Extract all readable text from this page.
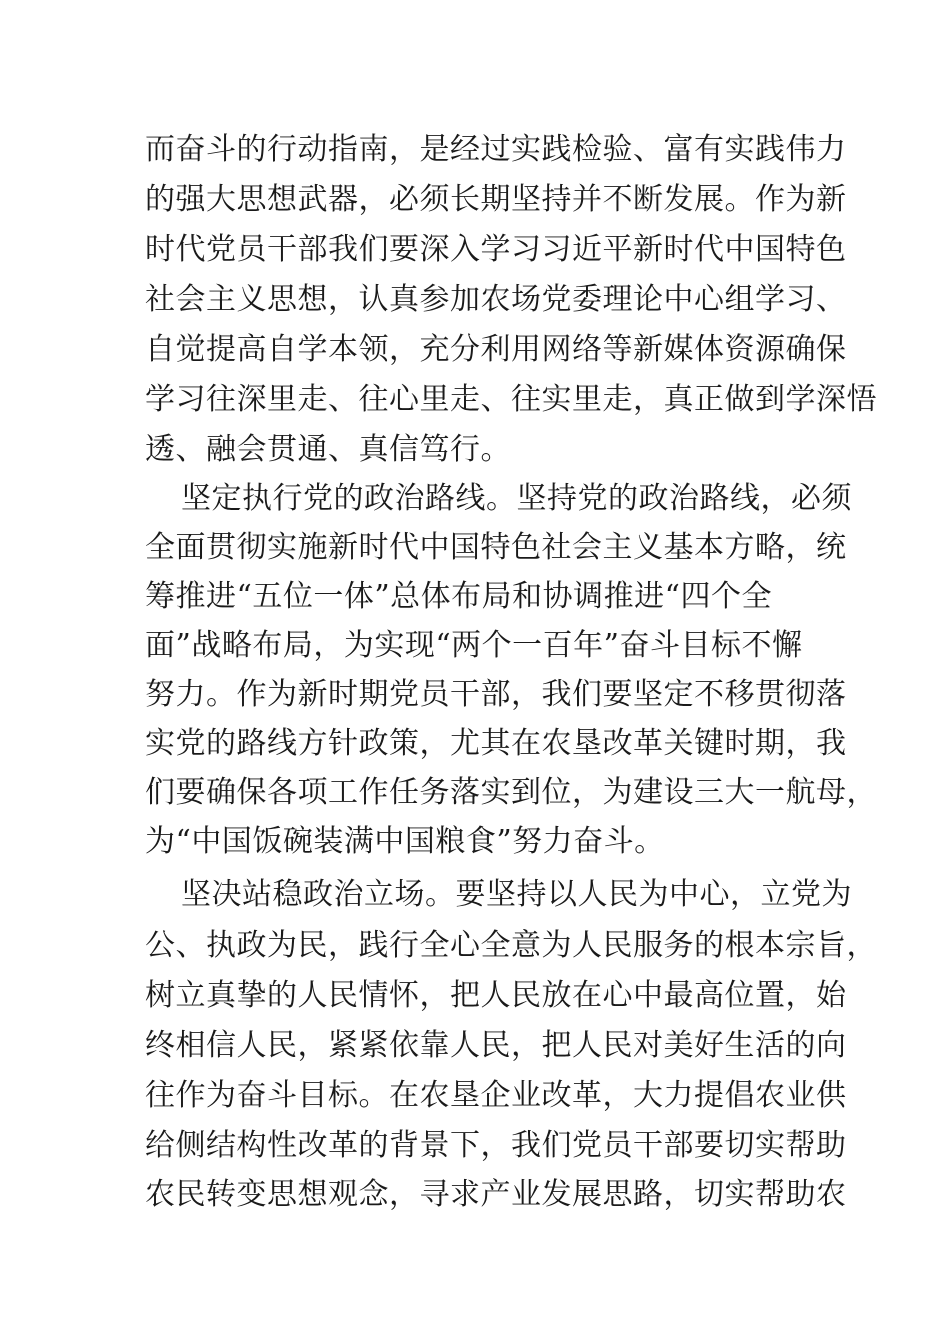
而奋斗的行动指南，是经过实践检验、富有实践伟力
的强大思想武器，必须长期坚持并不断发展。作为新
时代党员干部我们要深入学习习近平新时代中国特色
社会主义思想，认真参加农场党委理论中心组学习、
自觉提高自学本领，充分利用网络等新媒体资源确保
学习往深里走、往心里走、往实里走，真正做到学深悟
透、融会贯通、真信笃行。
坚定执行党的政治路线。坚持党的政治路线，必须
全面贯彻实施新时代中国特色社会主义基本方略，统
筹推进“五位一体”总体布局和协调推进“四个全
面”战略布局，为实现“两个一百年”奋斗目标不懈
努力。作为新时期党员干部，我们要坚定不移贯彻落
实党的路线方针政策，尤其在农垦改革关键时期，我
们要确保各项工作任务落实到位，为建设三大一航母，
为“中国饭碗装满中国粮食”努力奋斗。
坚决站稳政治立场。要坚持以人民为中心，立党为
公、执政为民，践行全心全意为人民服务的根本宗旨，
树立真挚的人民情怀，把人民放在心中最高位置，始
终相信人民，紧紧依靠人民，把人民对美好生活的向
往作为奋斗目标。在农垦企业改革，大力提倡农业供
给侧结构性改革的背景下，我们党员干部要切实帮助
农民转变思想观念，寻求产业发展思路，切实帮助农
